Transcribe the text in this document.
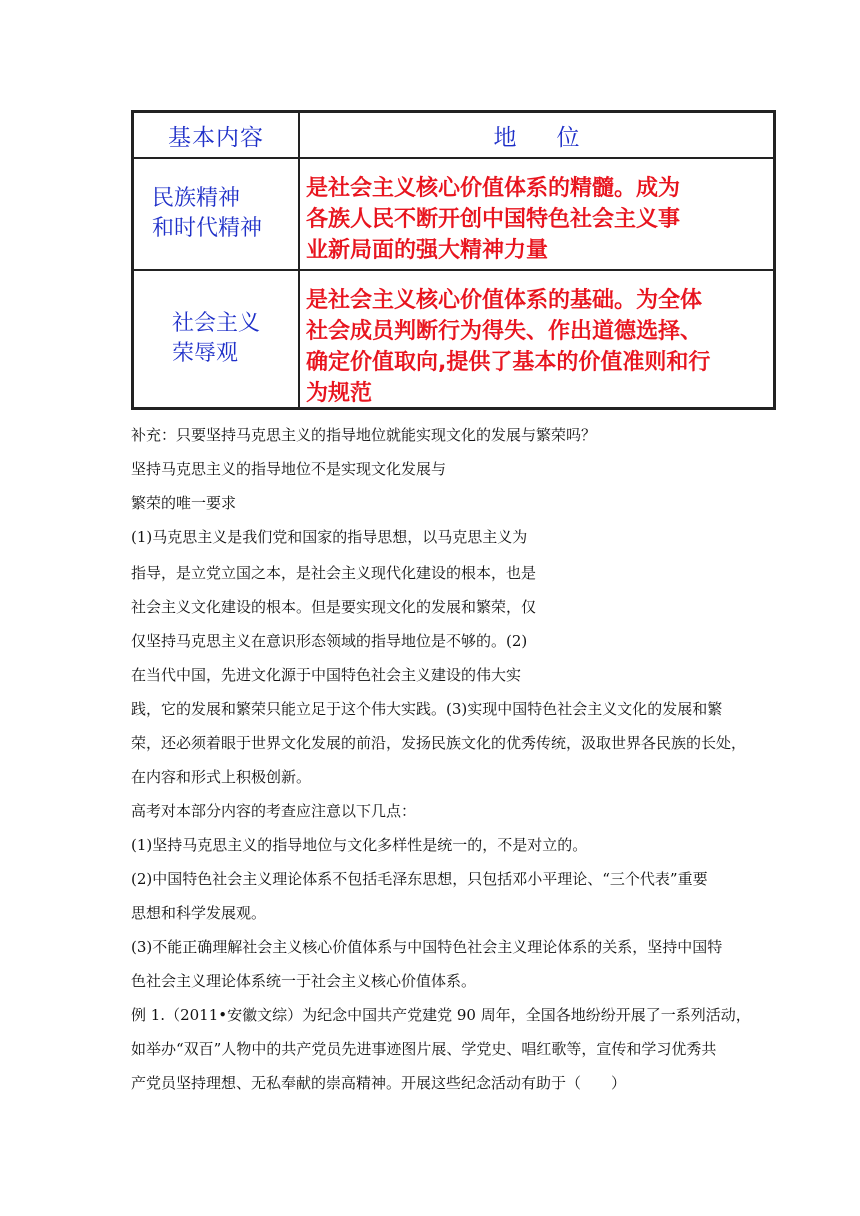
基本内容	地位
民族精神
和时代精神
是社会主义核心价值体系的精髓。成为
各族人民不断开创中国特色社会主义事
业新局面的强大精神力量
社会主义
荣辱观
是社会主义核心价值体系的基础。为全体
社会成员判断行为得失、作出道德选择、
确定价值取向,提供了基本的价值准则和行
为规范
补充：只要坚持马克思主义的指导地位就能实现文化的发展与繁荣吗？
坚持马克思主义的指导地位不是实现文化发展与
繁荣的唯一要求
(1)马克思主义是我们党和国家的指导思想，以马克思主义为
指导，是立党立国之本，是社会主义现代化建设的根本，也是
社会主义文化建设的根本。但是要实现文化的发展和繁荣，仅
仅坚持马克思主义在意识形态领域的指导地位是不够的。(2)
在当代中国，先进文化源于中国特色社会主义建设的伟大实
践，它的发展和繁荣只能立足于这个伟大实践。(3)实现中国特色社会主义文化的发展和繁
荣，还必须着眼于世界文化发展的前沿，发扬民族文化的优秀传统，汲取世界各民族的长处，
在内容和形式上积极创新。
高考对本部分内容的考查应注意以下几点：
(1)坚持马克思主义的指导地位与文化多样性是统一的，不是对立的。
(2)中国特色社会主义理论体系不包括毛泽东思想，只包括邓小平理论、“三个代表”重要
思想和科学发展观。
(3)不能正确理解社会主义核心价值体系与中国特色社会主义理论体系的关系，坚持中国特
色社会主义理论体系统一于社会主义核心价值体系。
例 1.（2011•安徽文综）为纪念中国共产党建党 90 周年，全国各地纷纷开展了一系列活动，
如举办“双百”人物中的共产党员先进事迹图片展、学党史、唱红歌等，宣传和学习优秀共
产党员坚持理想、无私奉献的崇高精神。开展这些纪念活动有助于（　　）
